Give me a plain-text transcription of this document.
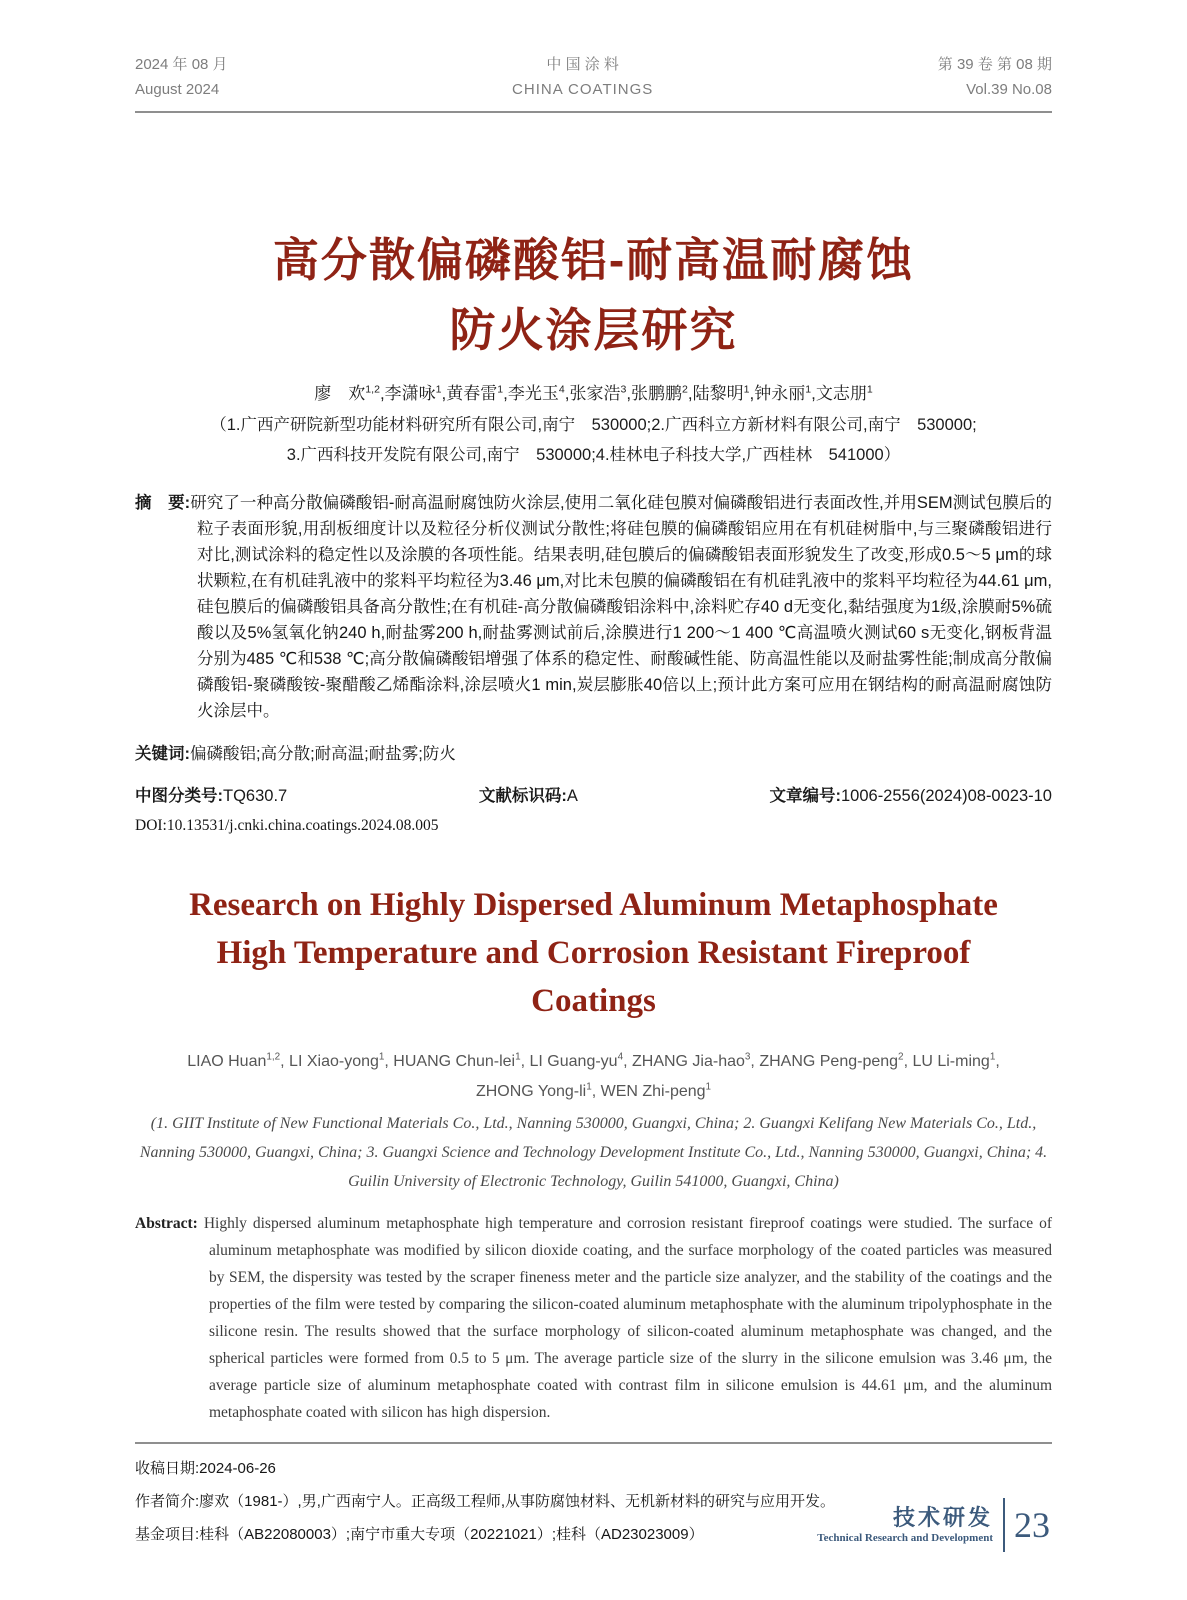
2024 年 08 月
August 2024
中 国 涂 料
CHINA COATINGS
第 39 卷 第 08 期
Vol.39 No.08
高分散偏磷酸铝-耐高温耐腐蚀
防火涂层研究
廖　欢$^{1,2}$,李潇咏$^1$,黄春雷$^1$,李光玉$^4$,张家浩$^3$,张鹏鹏$^2$,陆黎明$^1$,钟永丽$^1$,文志朋$^1$
（1.广西产研院新型功能材料研究所有限公司,南宁　530000;2.广西科立方新材料有限公司,南宁　530000;
3.广西科技开发院有限公司,南宁　530000;4.桂林电子科技大学,广西桂林　541000）

摘　要:研究了一种高分散偏磷酸铝-耐高温耐腐蚀防火涂层,使用二氧化硅包膜对偏磷酸铝进行表面改性,并用SEM测试包膜后的粒子表面形貌,用刮板细度计以及粒径分析仪测试分散性;将硅包膜的偏磷酸铝应用在有机硅树脂中,与三聚磷酸铝进行对比,测试涂料的稳定性以及涂膜的各项性能。结果表明,硅包膜后的偏磷酸铝表面形貌发生了改变,形成0.5～5 μm的球状颗粒,在有机硅乳液中的浆料平均粒径为3.46 μm,对比未包膜的偏磷酸铝在有机硅乳液中的浆料平均粒径为44.61 μm,硅包膜后的偏磷酸铝具备高分散性;在有机硅-高分散偏磷酸铝涂料中,涂料贮存40 d无变化,黏结强度为1级,涂膜耐5%硫酸以及5%氢氧化钠240 h,耐盐雾200 h,耐盐雾测试前后,涂膜进行1 200～1 400 ℃高温喷火测试60 s无变化,钢板背温分别为485 ℃和538 ℃;高分散偏磷酸铝增强了体系的稳定性、耐酸碱性能、防高温性能以及耐盐雾性能;制成高分散偏磷酸铝-聚磷酸铵-聚醋酸乙烯酯涂料,涂层喷火1 min,炭层膨胀40倍以上;预计此方案可应用在钢结构的耐高温耐腐蚀防火涂层中。

关键词:偏磷酸铝;高分散;耐高温;耐盐雾;防火

中图分类号:TQ630.7	文献标识码:A	文章编号:1006-2556(2024)08-0023-10
DOI:10.13531/j.cnki.china.coatings.2024.08.005
Research on Highly Dispersed Aluminum Metaphosphate
High Temperature and Corrosion Resistant Fireproof
Coatings
LIAO Huan$^{1,2}$, LI Xiao-yong$^1$, HUANG Chun-lei$^1$, LI Guang-$yu^4$, ZHANG Jia-hao$^3$, ZHANG Peng-peng$^2$, LU Li-ming$^1$,
ZHONG Yong-$li^1$, WEN Zhi-peng$^1$
(1. GIIT Institute of New Functional Materials Co., Ltd., Nanning 530000, Guangxi, China; 2. Guangxi Kelifang New Materials Co., Ltd., Nanning 530000, Guangxi, China; 3. Guangxi Science and Technology Development Institute Co., Ltd., Nanning 530000, Guangxi, China; 4. Guilin University of Electronic Technology, Guilin 541000, Guangxi, China)

Abstract: Highly dispersed aluminum metaphosphate high temperature and corrosion resistant fireproof coatings were studied. The surface of aluminum metaphosphate was modified by silicon dioxide coating, and the surface morphology of the coated particles was measured by SEM, the dispersity was tested by the scraper fineness meter and the particle size analyzer, and the stability of the coatings and the properties of the film were tested by comparing the silicon-coated aluminum metaphosphate with the aluminum tripolyphosphate in the silicone resin. The results showed that the surface morphology of silicon-coated aluminum metaphosphate was changed, and the spherical particles were formed from 0.5 to 5 μm. The average particle size of the slurry in the silicone emulsion was 3.46 μm, the average particle size of aluminum metaphosphate coated with contrast film in silicone emulsion is 44.61 μm, and the aluminum metaphosphate coated with silicon has high dispersion.

收稿日期:2024-06-26
作者简介:廖欢（1981-）,男,广西南宁人。正高级工程师,从事防腐蚀材料、无机新材料的研究与应用开发。
基金项目:桂科（AB22080003）;南宁市重大专项（20221021）;桂科（AD23023009）
技术研发
Technical Research and Development 23
